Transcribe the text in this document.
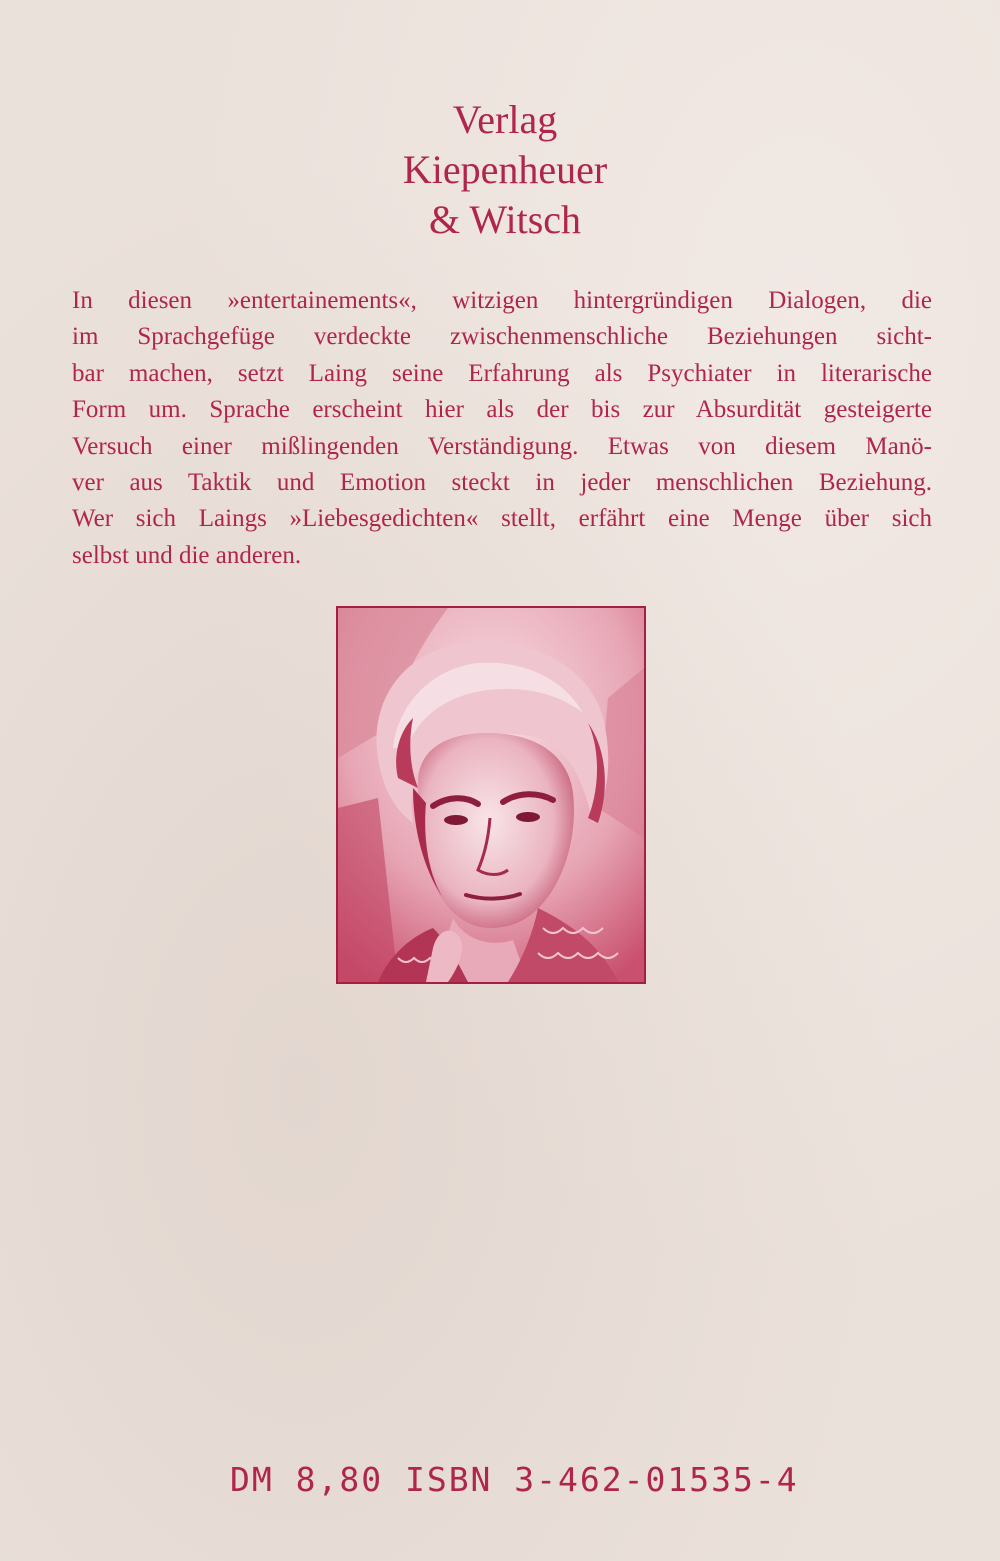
Verlag
Kiepenheuer
& Witsch
In diesen »entertainements«, witzigen hintergründigen Dialogen, die
im Sprachgefüge verdeckte zwischenmenschliche Beziehungen sicht-
bar machen, setzt Laing seine Erfahrung als Psychiater in literarische
Form um. Sprache erscheint hier als der bis zur Absurdität gesteigerte
Versuch einer mißlingenden Verständigung. Etwas von diesem Manö-
ver aus Taktik und Emotion steckt in jeder menschlichen Beziehung.
Wer sich Laings »Liebesgedichten« stellt, erfährt eine Menge über sich
selbst und die anderen.
DM 8,80 ISBN 3-462-01535-4
